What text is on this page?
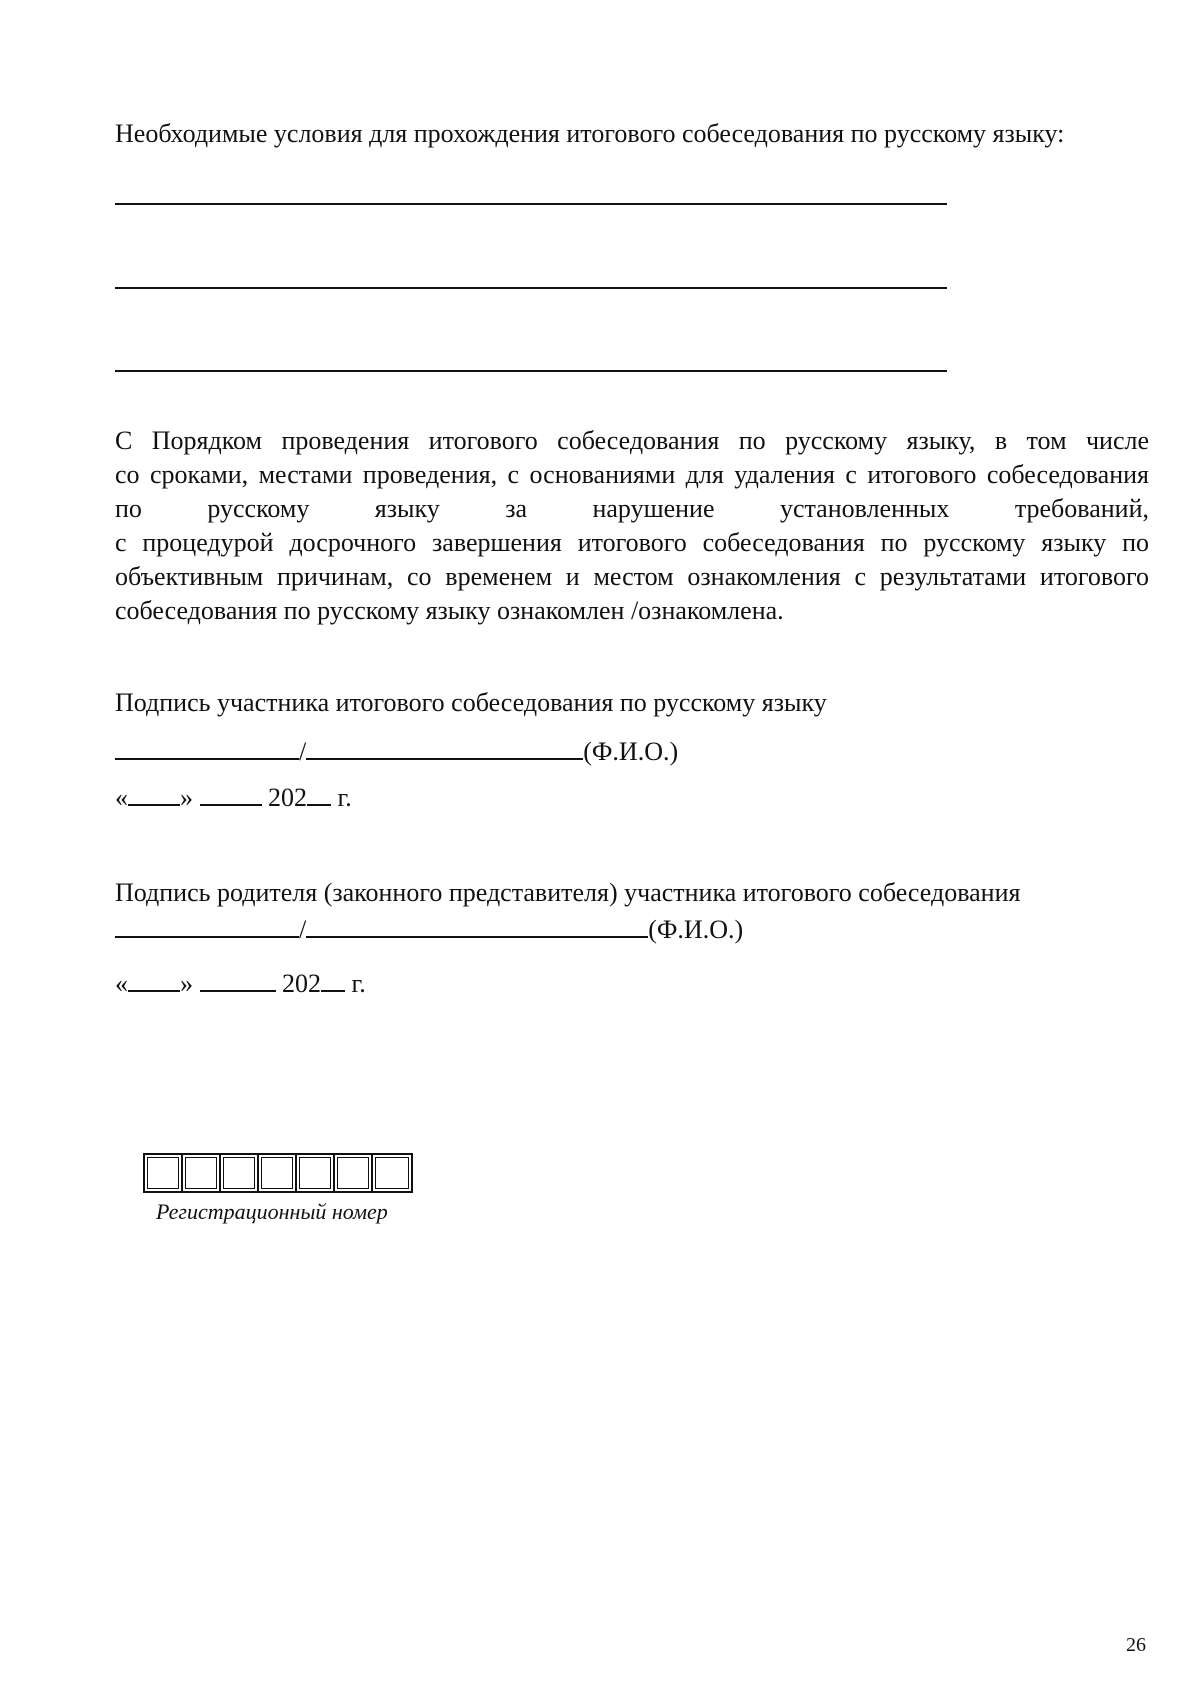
Необходимые условия для прохождения итогового собеседования по русскому языку:
С Порядком проведения итогового собеседования по русскому языку, в том числе
со сроками, местами проведения, с основаниями для удаления с итогового собеседования
по русскому языку за нарушение установленных требований,
с процедурой досрочного завершения итогового собеседования по русскому языку по
объективным причинам, со временем и местом ознакомления с результатами итогового
собеседования по русскому языку ознакомлен /ознакомлена.
Подпись участника итогового собеседования по русскому языку
/	(Ф.И.О.)
« »	202 г.
Подпись родителя (законного представителя) участника итогового собеседования
/	(Ф.И.О.)
« »	202 г.
Регистрационный номер
26
